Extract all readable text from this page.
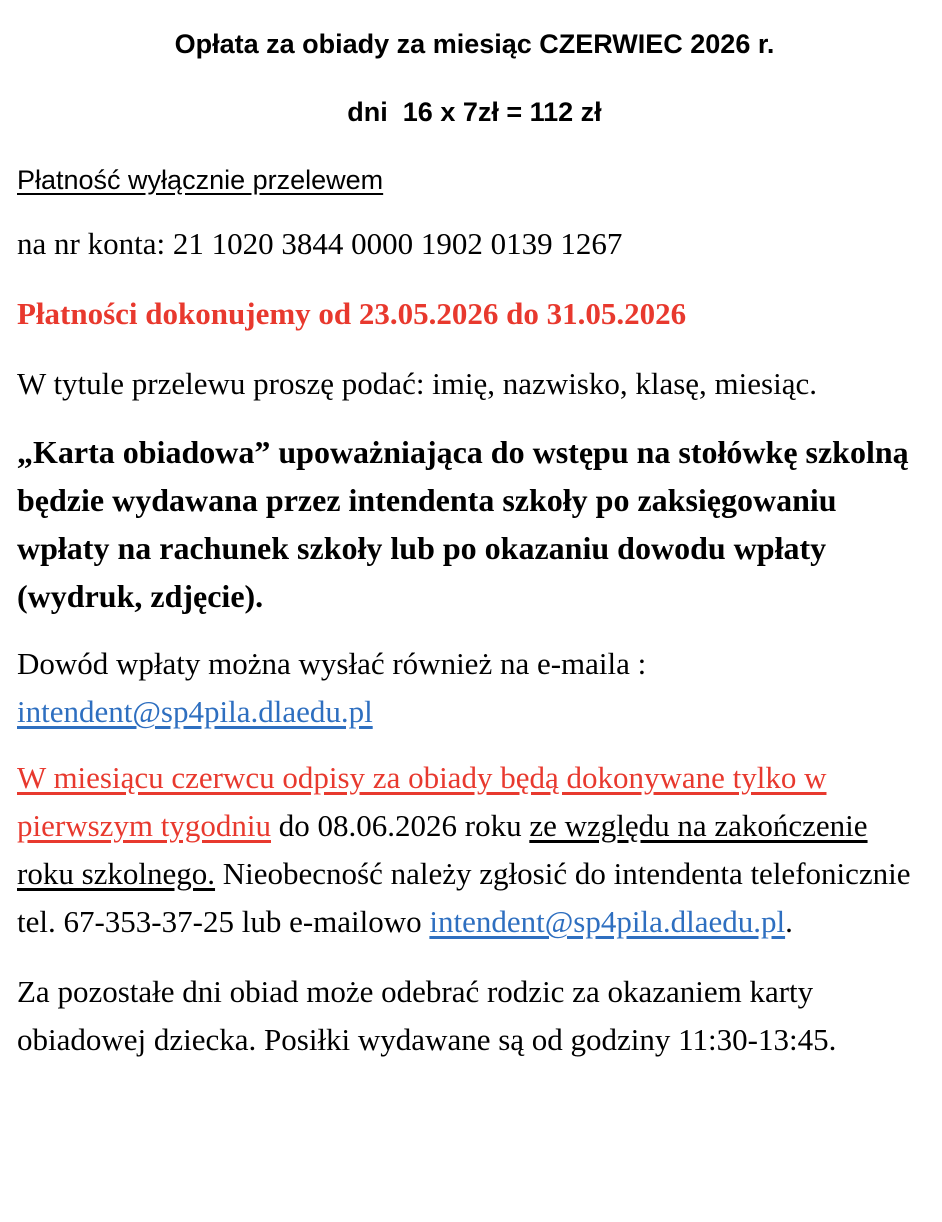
Opłata za obiady za miesiąc CZERWIEC 2026 r.

dni  16 x 7zł = 112 zł

Płatność wyłącznie przelewem

na nr konta: 21 1020 3844 0000 1902 0139 1267

Płatności dokonujemy od 23.05.2026 do 31.05.2026

W tytule przelewu proszę podać: imię, nazwisko, klasę, miesiąc.

„Karta obiadowa” upoważniająca do wstępu na stołówkę szkolną będzie wydawana przez intendenta szkoły po zaksięgowaniu wpłaty na rachunek szkoły lub po okazaniu dowodu wpłaty (wydruk, zdjęcie).

Dowód wpłaty można wysłać również na e-maila :
intendent@sp4pila.dlaedu.pl

W miesiącu czerwcu odpisy za obiady będą dokonywane tylko w pierwszym tygodniu do 08.06.2026 roku ze względu na zakończenie roku szkolnego. Nieobecność należy zgłosić do intendenta telefonicznie tel. 67-353-37-25 lub e-mailowo intendent@sp4pila.dlaedu.pl.

Za pozostałe dni obiad może odebrać rodzic za okazaniem karty obiadowej dziecka. Posiłki wydawane są od godziny 11:30-13:45.
